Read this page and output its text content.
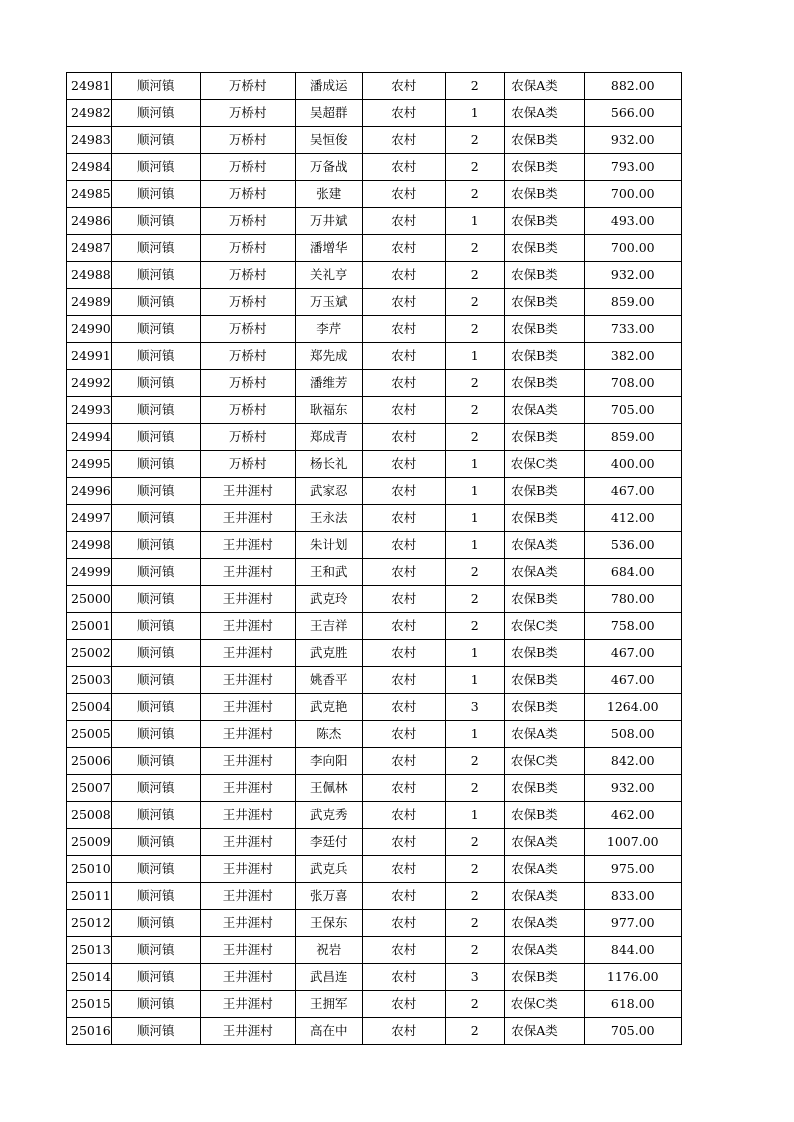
24981	顺河镇	万桥村	潘成运	农村	2	农保A类	882.00
24982	顺河镇	万桥村	吴超群	农村	1	农保A类	566.00
24983	顺河镇	万桥村	吴恒俊	农村	2	农保B类	932.00
24984	顺河镇	万桥村	万备战	农村	2	农保B类	793.00
24985	顺河镇	万桥村	张建	农村	2	农保B类	700.00
24986	顺河镇	万桥村	万井斌	农村	1	农保B类	493.00
24987	顺河镇	万桥村	潘增华	农村	2	农保B类	700.00
24988	顺河镇	万桥村	关礼亨	农村	2	农保B类	932.00
24989	顺河镇	万桥村	万玉斌	农村	2	农保B类	859.00
24990	顺河镇	万桥村	李芹	农村	2	农保B类	733.00
24991	顺河镇	万桥村	郑先成	农村	1	农保B类	382.00
24992	顺河镇	万桥村	潘维芳	农村	2	农保B类	708.00
24993	顺河镇	万桥村	耿福东	农村	2	农保A类	705.00
24994	顺河镇	万桥村	郑成青	农村	2	农保B类	859.00
24995	顺河镇	万桥村	杨长礼	农村	1	农保C类	400.00
24996	顺河镇	王井涯村	武家忍	农村	1	农保B类	467.00
24997	顺河镇	王井涯村	王永法	农村	1	农保B类	412.00
24998	顺河镇	王井涯村	朱计划	农村	1	农保A类	536.00
24999	顺河镇	王井涯村	王和武	农村	2	农保A类	684.00
25000	顺河镇	王井涯村	武克玲	农村	2	农保B类	780.00
25001	顺河镇	王井涯村	王吉祥	农村	2	农保C类	758.00
25002	顺河镇	王井涯村	武克胜	农村	1	农保B类	467.00
25003	顺河镇	王井涯村	姚香平	农村	1	农保B类	467.00
25004	顺河镇	王井涯村	武克艳	农村	3	农保B类	1264.00
25005	顺河镇	王井涯村	陈杰	农村	1	农保A类	508.00
25006	顺河镇	王井涯村	李向阳	农村	2	农保C类	842.00
25007	顺河镇	王井涯村	王佩林	农村	2	农保B类	932.00
25008	顺河镇	王井涯村	武克秀	农村	1	农保B类	462.00
25009	顺河镇	王井涯村	李廷付	农村	2	农保A类	1007.00
25010	顺河镇	王井涯村	武克兵	农村	2	农保A类	975.00
25011	顺河镇	王井涯村	张万喜	农村	2	农保A类	833.00
25012	顺河镇	王井涯村	王保东	农村	2	农保A类	977.00
25013	顺河镇	王井涯村	祝岩	农村	2	农保A类	844.00
25014	顺河镇	王井涯村	武昌连	农村	3	农保B类	1176.00
25015	顺河镇	王井涯村	王拥军	农村	2	农保C类	618.00
25016	顺河镇	王井涯村	高在中	农村	2	农保A类	705.00
